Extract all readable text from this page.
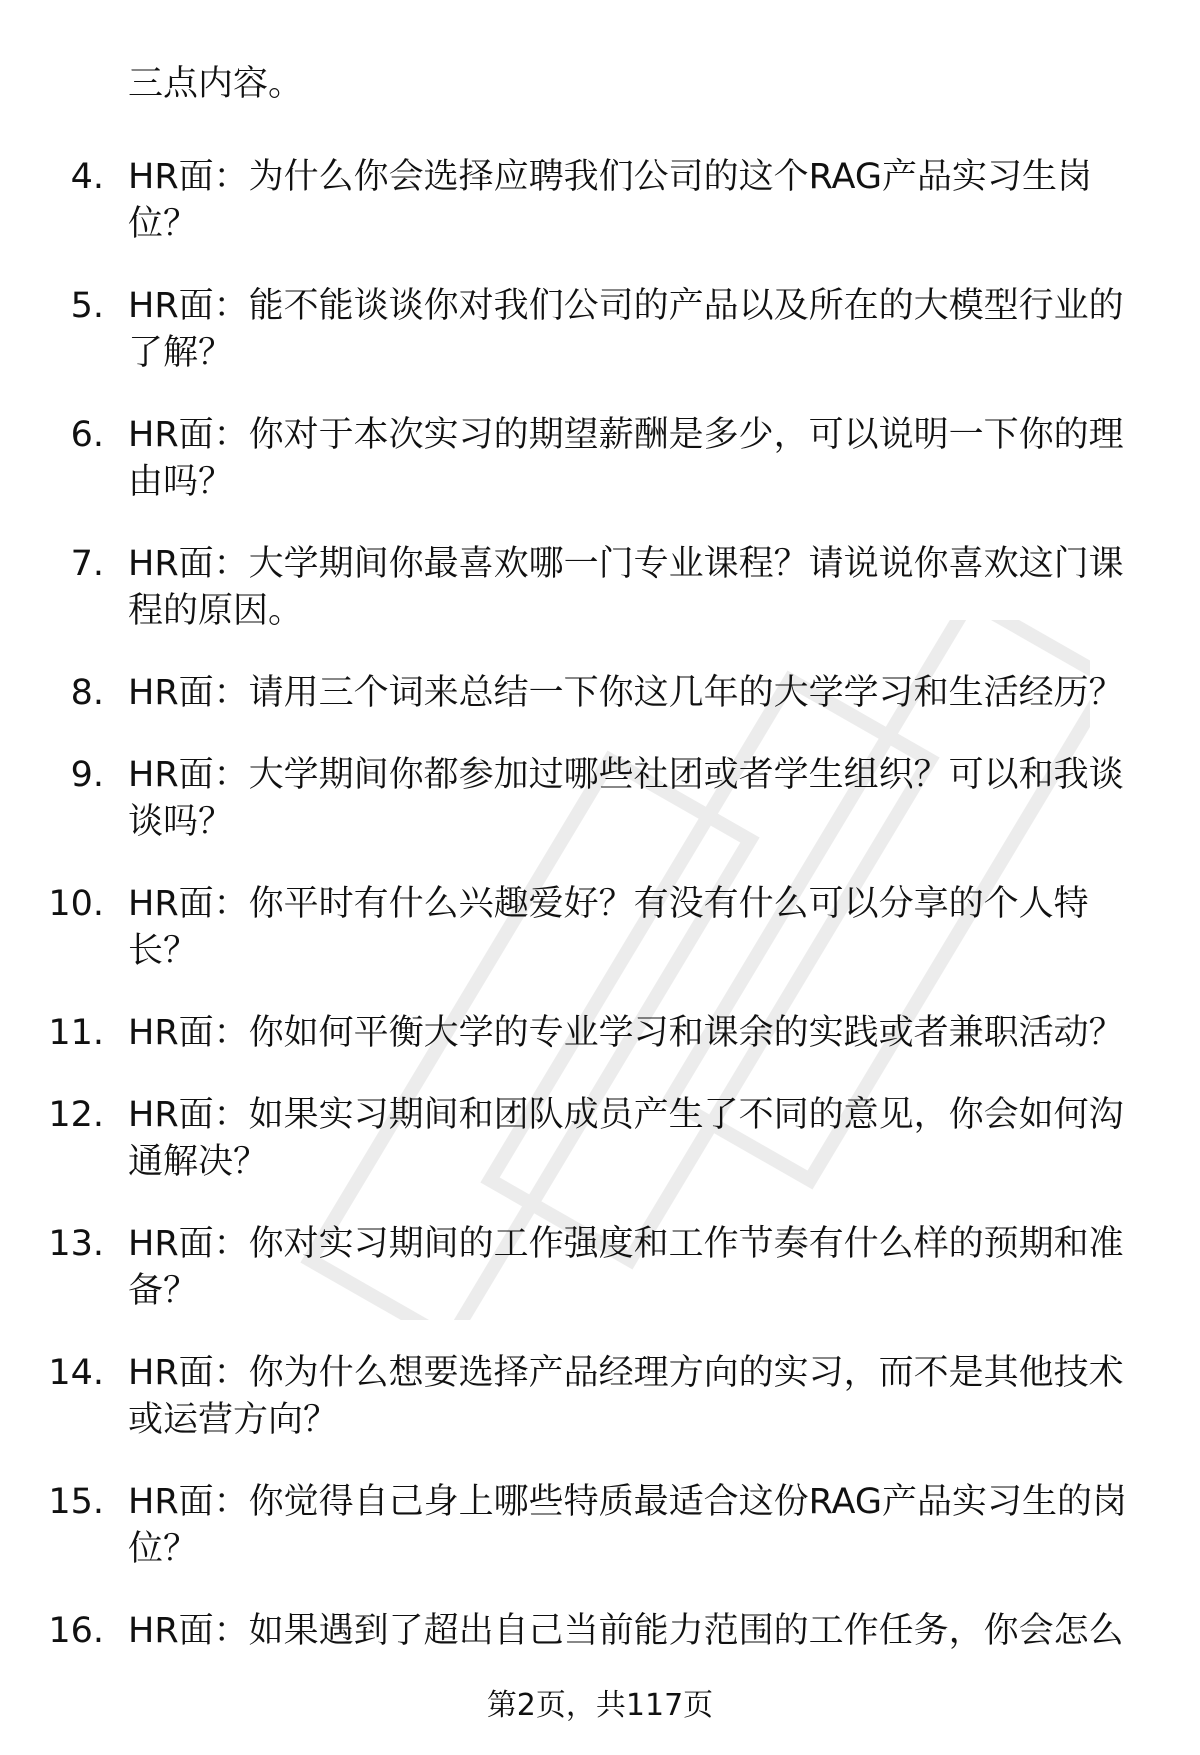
三点内容。

4. HR面：为什么你会选择应聘我们公司的这个RAG产品实习生岗
位？
5. HR面：能不能谈谈你对我们公司的产品以及所在的大模型行业的
了解？
6. HR面：你对于本次实习的期望薪酬是多少，可以说明一下你的理
由吗？
7. HR面：大学期间你最喜欢哪一门专业课程？请说说你喜欢这门课
程的原因。
8. HR面：请用三个词来总结一下你这几年的大学学习和生活经历？
9. HR面：大学期间你都参加过哪些社团或者学生组织？可以和我谈
谈吗？
10. HR面：你平时有什么兴趣爱好？有没有什么可以分享的个人特
长？
11. HR面：你如何平衡大学的专业学习和课余的实践或者兼职活动？
12. HR面：如果实习期间和团队成员产生了不同的意见，你会如何沟
通解决？
13. HR面：你对实习期间的工作强度和工作节奏有什么样的预期和准
备？
14. HR面：你为什么想要选择产品经理方向的实习，而不是其他技术
或运营方向？
15. HR面：你觉得自己身上哪些特质最适合这份RAG产品实习生的岗
位？
16. HR面：如果遇到了超出自己当前能力范围的工作任务，你会怎么
第2页，共117页
